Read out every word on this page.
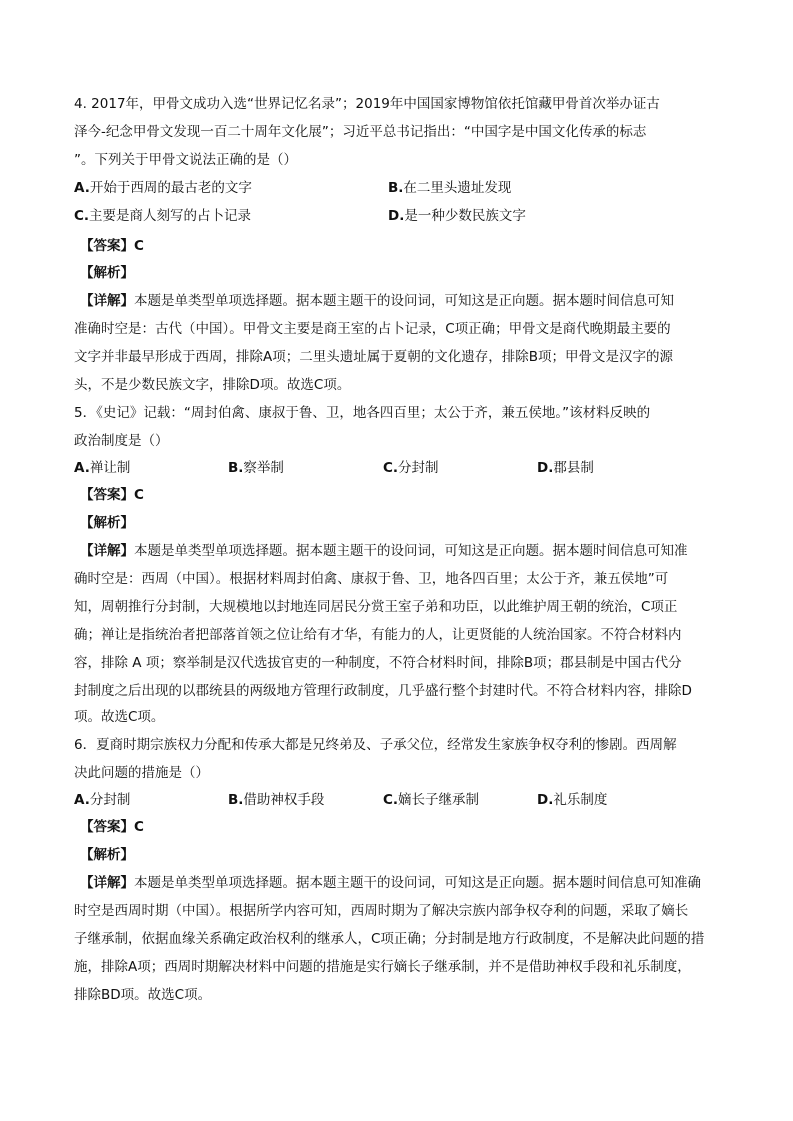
4. 2017年，甲骨文成功入选“世界记忆名录”；2019年中国国家博物馆依托馆藏甲骨首次举办证古
泽今-纪念甲骨文发现一百二十周年文化展”；习近平总书记指出：“中国字是中国文化传承的标志
”。下列关于甲骨文说法正确的是（）
A.开始于西周的最古老的文字	B.在二里头遗址发现
C.主要是商人刻写的占卜记录	D.是一种少数民族文字
【答案】C
【解析】
【详解】本题是单类型单项选择题。据本题主题干的设问词，可知这是正向题。据本题时间信息可知
准确时空是：古代（中国）。甲骨文主要是商王室的占卜记录，C项正确；甲骨文是商代晚期最主要的
文字并非最早形成于西周，排除A项；二里头遗址属于夏朝的文化遗存，排除B项；甲骨文是汉字的源
头，不是少数民族文字，排除D项。故选C项。
5．《史记》记载：“周封伯禽、康叔于鲁、卫，地各四百里；太公于齐，兼五侯地。”该材料反映的
政治制度是（）
A.禅让制	B.察举制	C.分封制	D.郡县制
【答案】C
【解析】
【详解】本题是单类型单项选择题。据本题主题干的设问词，可知这是正向题。据本题时间信息可知准
确时空是：西周（中国）。根据材料周封伯禽、康叔于鲁、卫，地各四百里；太公于齐，兼五侯地”可
知，周朝推行分封制，大规模地以封地连同居民分赏王室子弟和功臣，以此维护周王朝的统治，C项正
确；禅让是指统治者把部落首领之位让给有才华，有能力的人，让更贤能的人统治国家。不符合材料内
容，排除 A 项；察举制是汉代选拔官吏的一种制度，不符合材料时间，排除B项；郡县制是中国古代分
封制度之后出现的以郡统县的两级地方管理行政制度，几乎盛行整个封建时代。不符合材料内容，排除D
项。故选C项。
6．夏商时期宗族权力分配和传承大都是兄终弟及、子承父位，经常发生家族争权夺利的惨剧。西周解
决此问题的措施是（）
A.分封制	B.借助神权手段	C.嫡长子继承制	D.礼乐制度
【答案】C
【解析】
【详解】本题是单类型单项选择题。据本题主题干的设问词，可知这是正向题。据本题时间信息可知准确
时空是西周时期（中国）。根据所学内容可知，西周时期为了解决宗族内部争权夺利的问题，采取了嫡长
子继承制，依据血缘关系确定政治权利的继承人，C项正确；分封制是地方行政制度，不是解决此问题的措
施，排除A项；西周时期解决材料中问题的措施是实行嫡长子继承制，并不是借助神权手段和礼乐制度，
排除BD项。故选C项。
